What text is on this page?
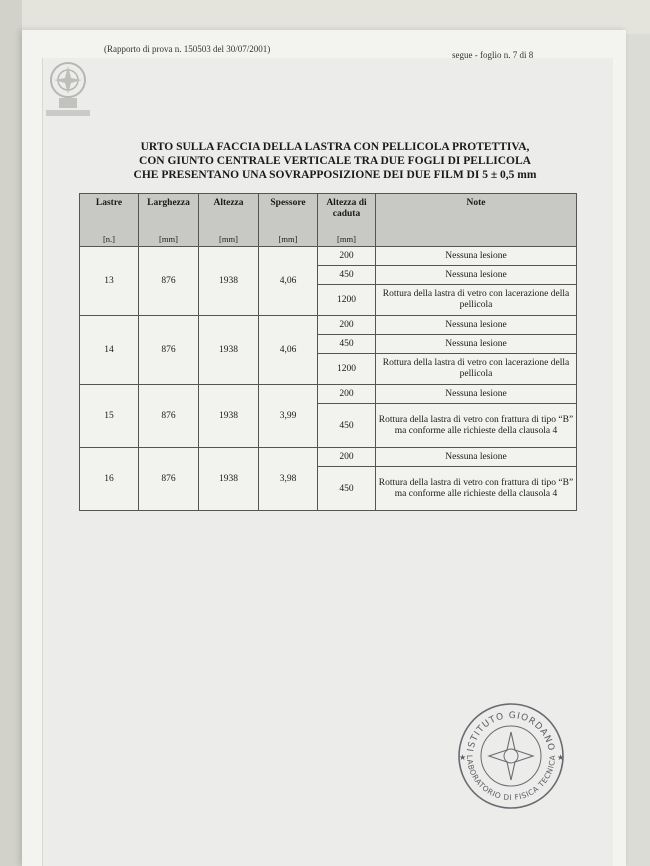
(Rapporto di prova n. 150503 del 30/07/2001)
segue - foglio n. 7 di 8
URTO SULLA FACCIA DELLA LASTRA CON PELLICOLA PROTETTIVA,
CON GIUNTO CENTRALE VERTICALE TRA DUE FOGLI DI PELLICOLA
CHE PRESENTANO UNA SOVRAPPOSIZIONE DEI DUE FILM DI 5 ± 0,5 mm
Lastre	Larghezza	Altezza	Spessore	Altezza di caduta	Note
[n.]	[mm]	[mm]	[mm]	[mm]	
13	876	1938	4,06	200	Nessuna lesione
				450	Nessuna lesione
				1200	Rottura della lastra di vetro con lacerazione della pellicola
14	876	1938	4,06	200	Nessuna lesione
				450	Nessuna lesione
				1200	Rottura della lastra di vetro con lacerazione della pellicola
15	876	1938	3,99	200	Nessuna lesione
				450	Rottura della lastra di vetro con frattura di tipo “B” ma conforme alle richieste della clausola 4
16	876	1938	3,98	200	Nessuna lesione
				450	Rottura della lastra di vetro con frattura di tipo “B” ma conforme alle richieste della clausola 4
ISTITUTO GIORDANO
LABORATORIO DI FISICA TECNICA ★
★
